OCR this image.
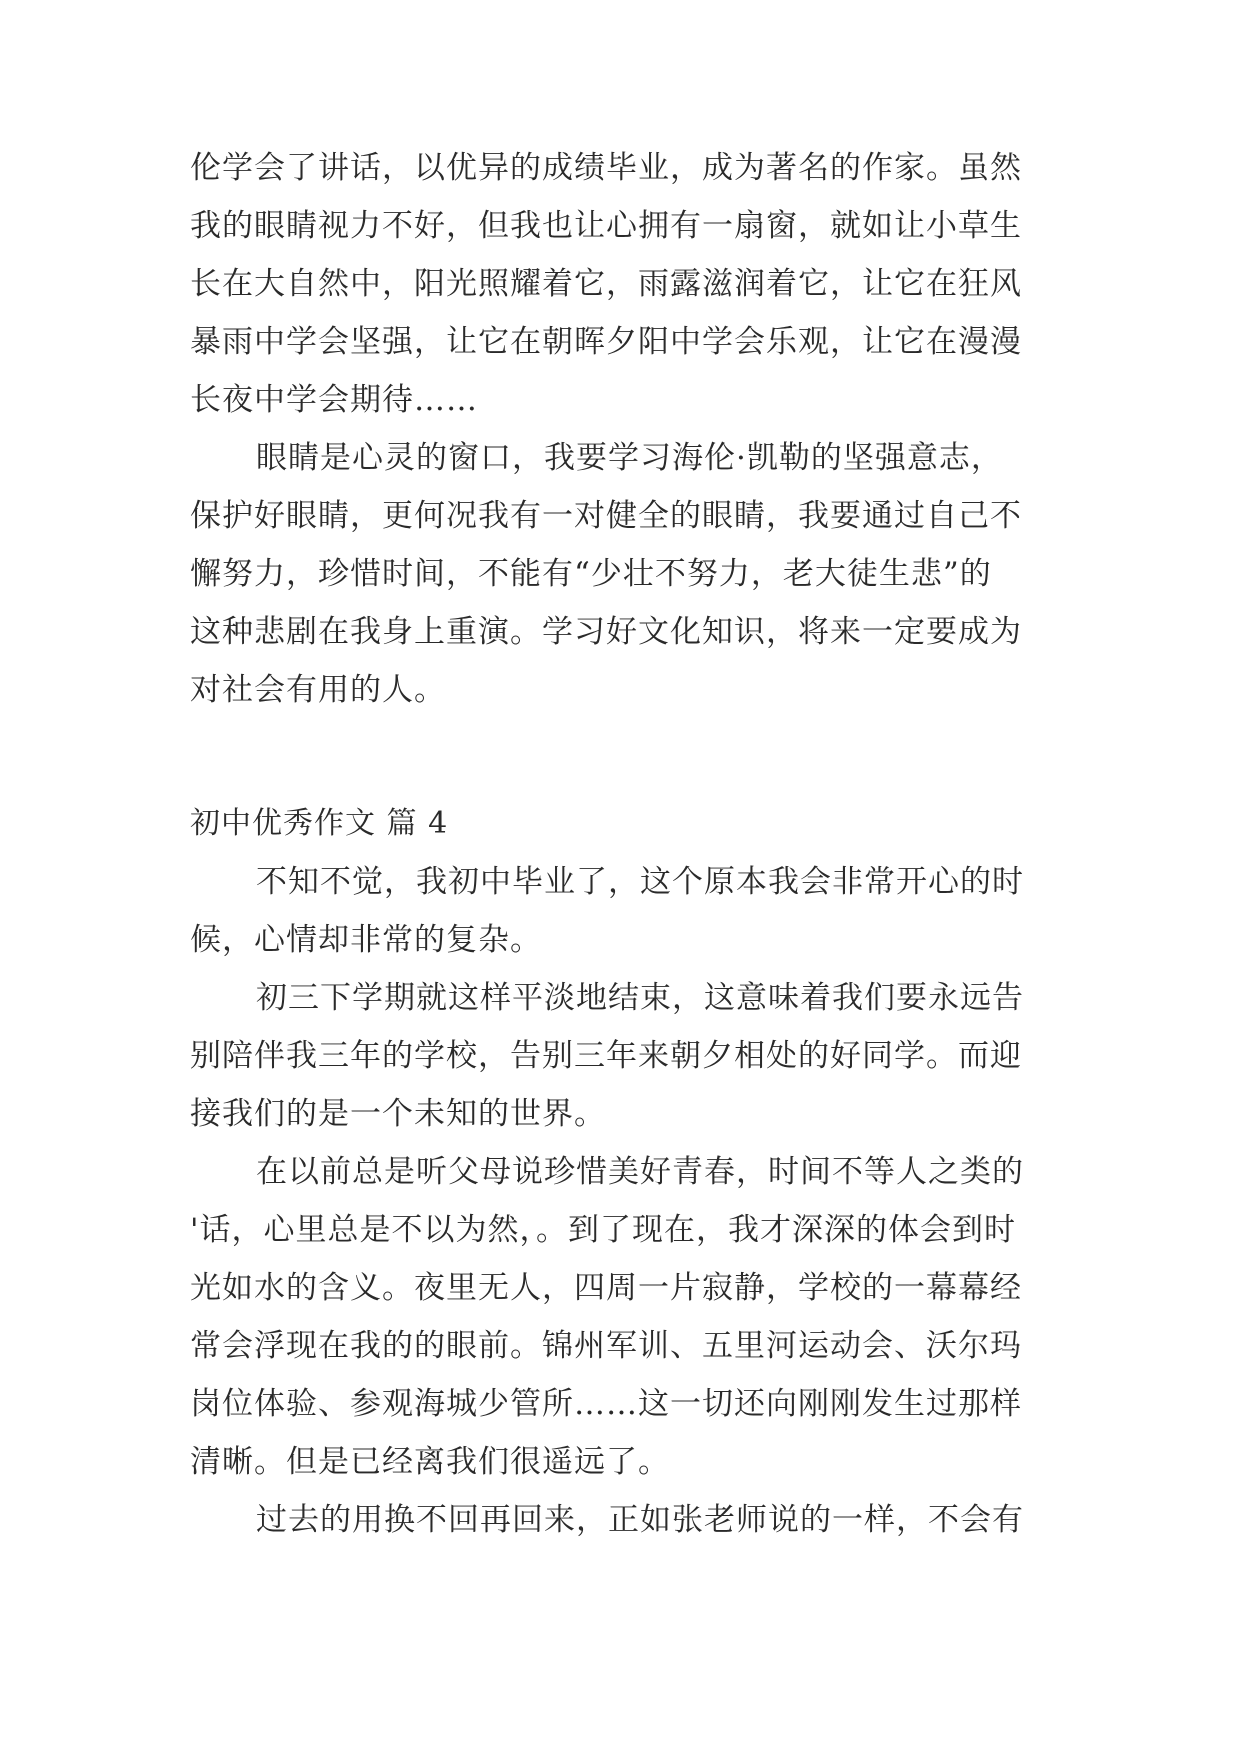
伦学会了讲话，以优异的成绩毕业，成为著名的作家。虽然
我的眼睛视力不好，但我也让心拥有一扇窗，就如让小草生
长在大自然中，阳光照耀着它，雨露滋润着它，让它在狂风
暴雨中学会坚强，让它在朝晖夕阳中学会乐观，让它在漫漫
长夜中学会期待……
眼睛是心灵的窗口，我要学习海伦·凯勒的坚强意志，
保护好眼睛，更何况我有一对健全的眼睛，我要通过自己不
懈努力，珍惜时间，不能有“少壮不努力，老大徒生悲”的
这种悲剧在我身上重演。学习好文化知识，将来一定要成为
对社会有用的人。
初中优秀作文 篇 4
不知不觉，我初中毕业了，这个原本我会非常开心的时
候，心情却非常的复杂。
初三下学期就这样平淡地结束，这意味着我们要永远告
别陪伴我三年的学校，告别三年来朝夕相处的好同学。而迎
接我们的是一个未知的世界。
在以前总是听父母说珍惜美好青春，时间不等人之类的
'话，心里总是不以为然，。到了现在，我才深深的体会到时
光如水的含义。夜里无人，四周一片寂静，学校的一幕幕经
常会浮现在我的的眼前。锦州军训、五里河运动会、沃尔玛
岗位体验、参观海城少管所……这一切还向刚刚发生过那样
清晰。但是已经离我们很遥远了。
过去的用换不回再回来，正如张老师说的一样，不会有
